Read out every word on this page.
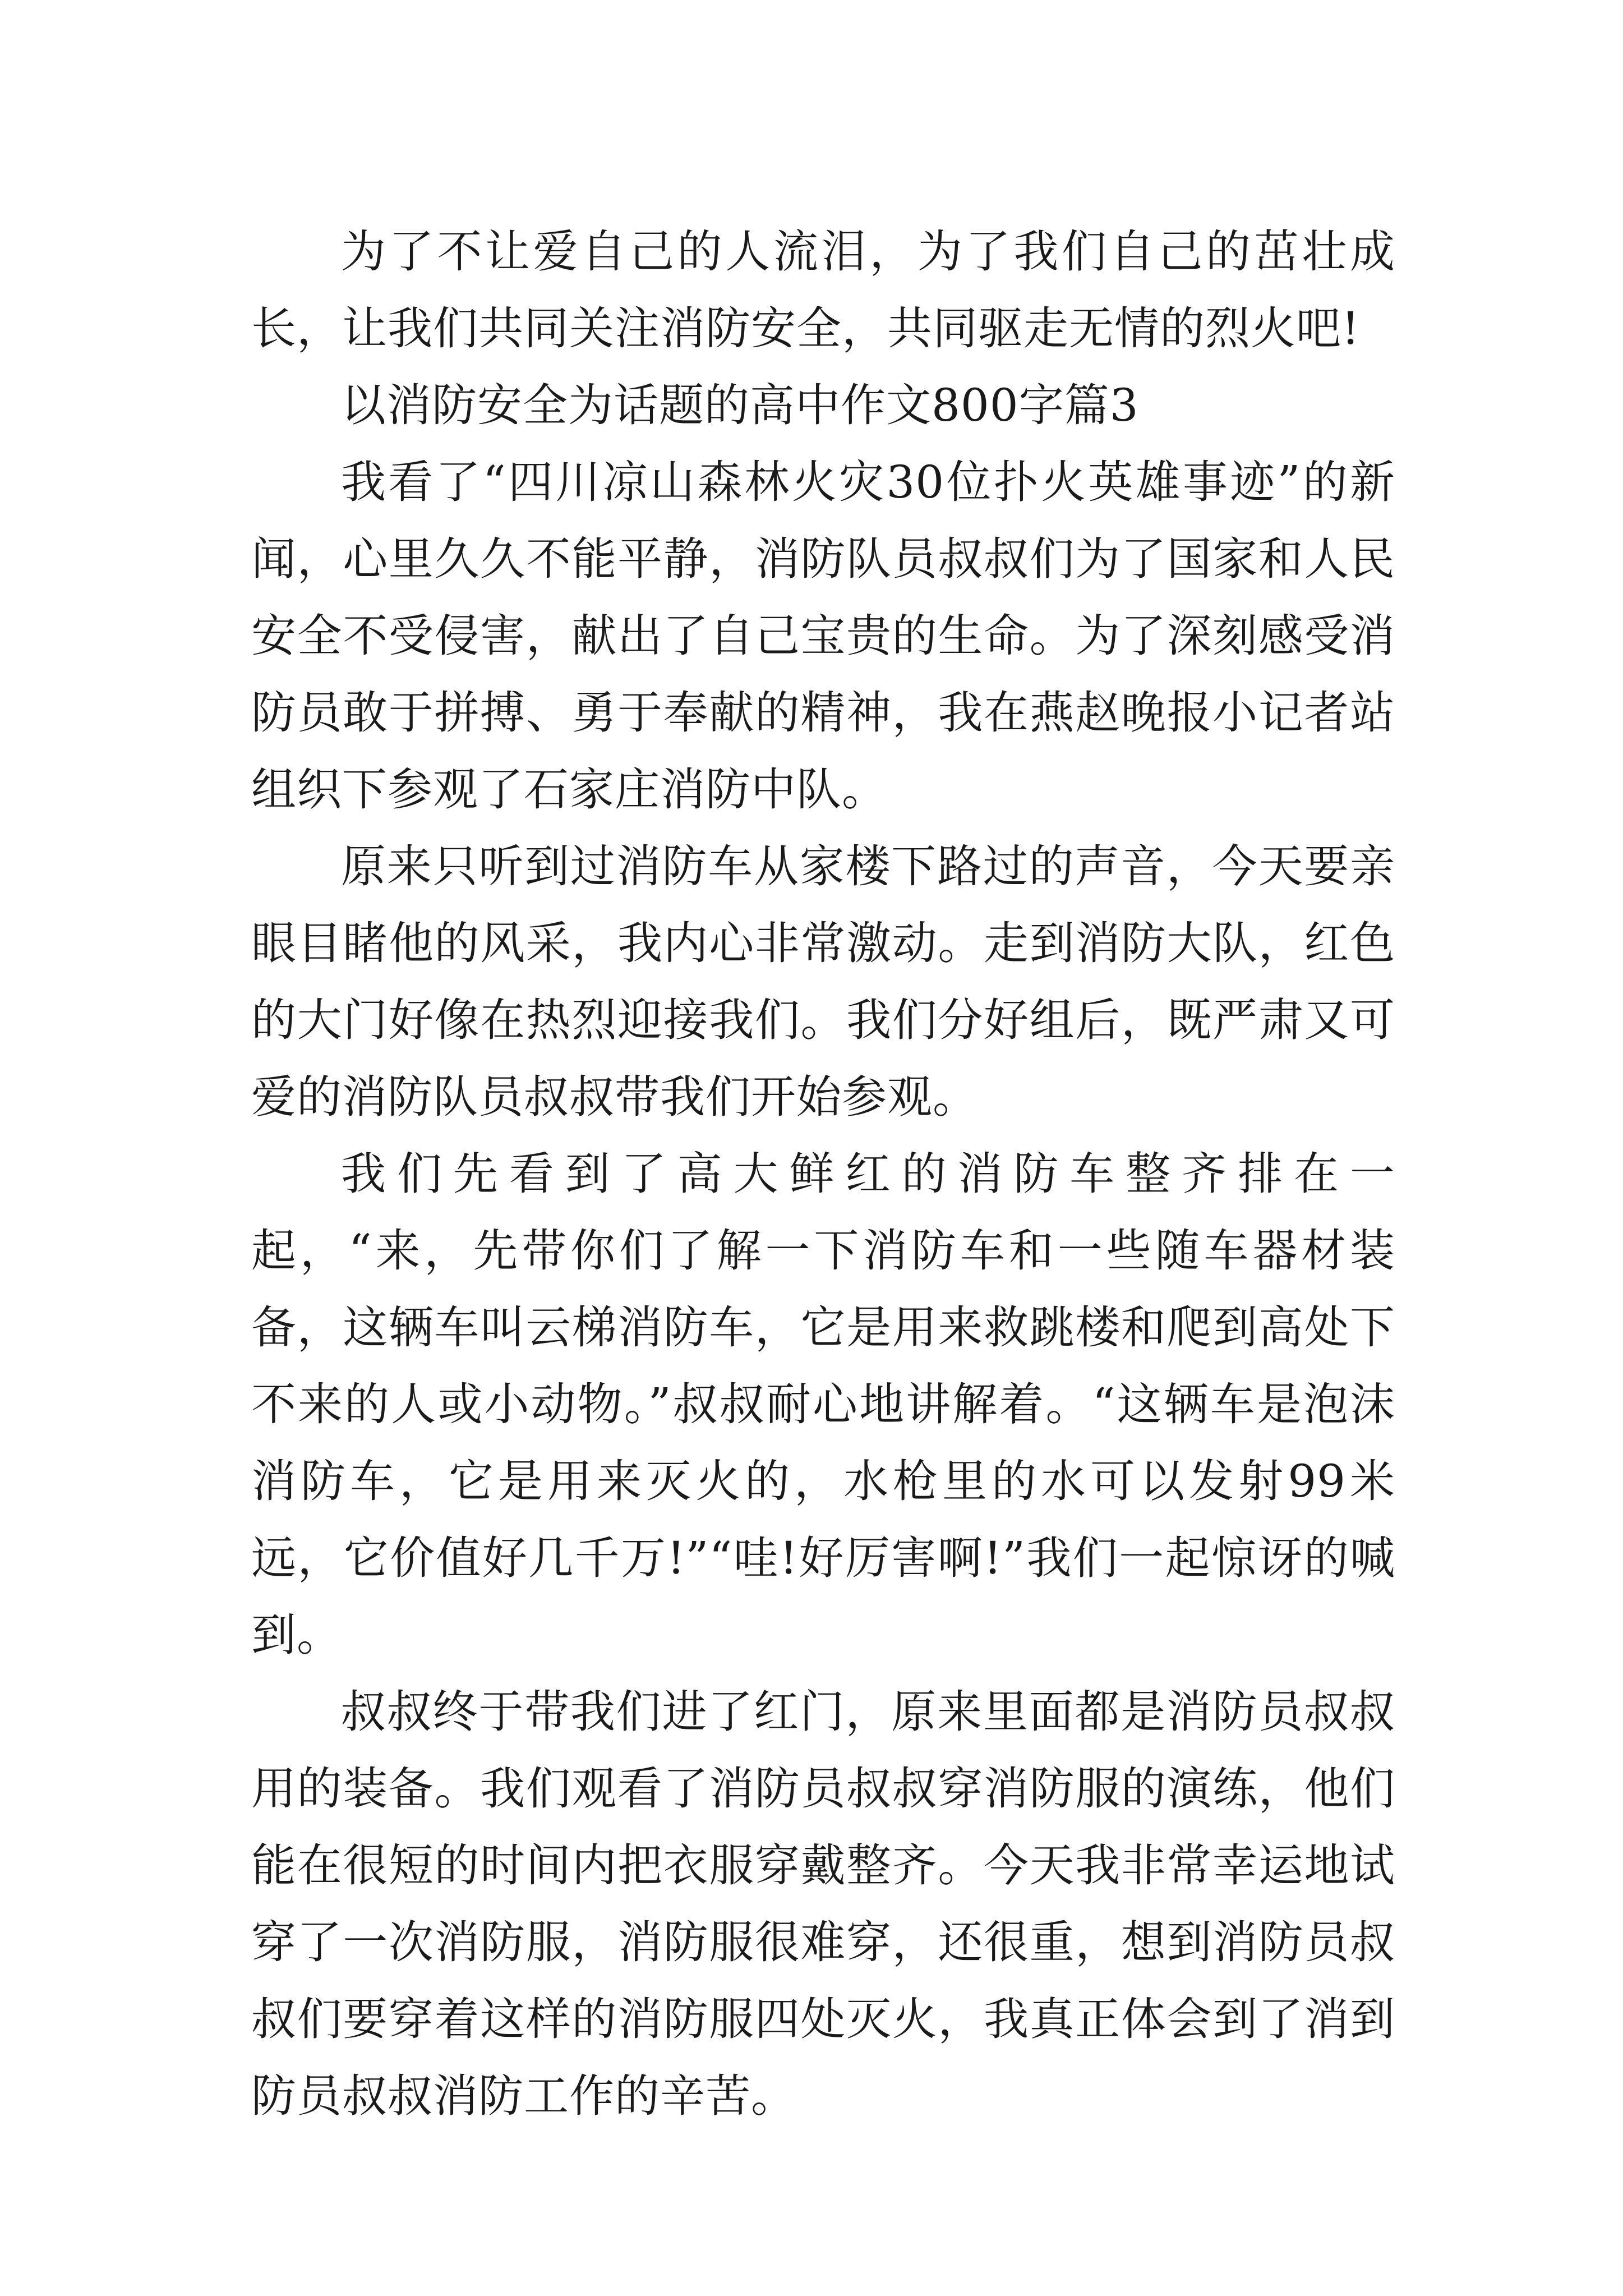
为了不让爱自己的人流泪，为了我们自己的茁壮成长，让我们共同关注消防安全，共同驱走无情的烈火吧!

以消防安全为话题的高中作文800字篇3

我看了“四川凉山森林火灾30位扑火英雄事迹”的新闻，心里久久不能平静，消防队员叔叔们为了国家和人民安全不受侵害，献出了自己宝贵的生命。为了深刻感受消防员敢于拼搏、勇于奉献的精神，我在燕赵晚报小记者站组织下参观了石家庄消防中队。

原来只听到过消防车从家楼下路过的声音，今天要亲眼目睹他的风采，我内心非常激动。走到消防大队，红色的大门好像在热烈迎接我们。我们分好组后，既严肃又可爱的消防队员叔叔带我们开始参观。

我们先看到了高大鲜红的消防车整齐排在一起，“来，先带你们了解一下消防车和一些随车器材装备，这辆车叫云梯消防车，它是用来救跳楼和爬到高处下不来的人或小动物。”叔叔耐心地讲解着。“这辆车是泡沫消防车，它是用来灭火的，水枪里的水可以发射99米远，它价值好几千万!”“哇!好厉害啊!”我们一起惊讶的喊到。

叔叔终于带我们进了红门，原来里面都是消防员叔叔用的装备。我们观看了消防员叔叔穿消防服的演练，他们能在很短的时间内把衣服穿戴整齐。今天我非常幸运地试穿了一次消防服，消防服很难穿，还很重，想到消防员叔叔们要穿着这样的消防服四处灭火，我真正体会到了消到防员叔叔消防工作的辛苦。
